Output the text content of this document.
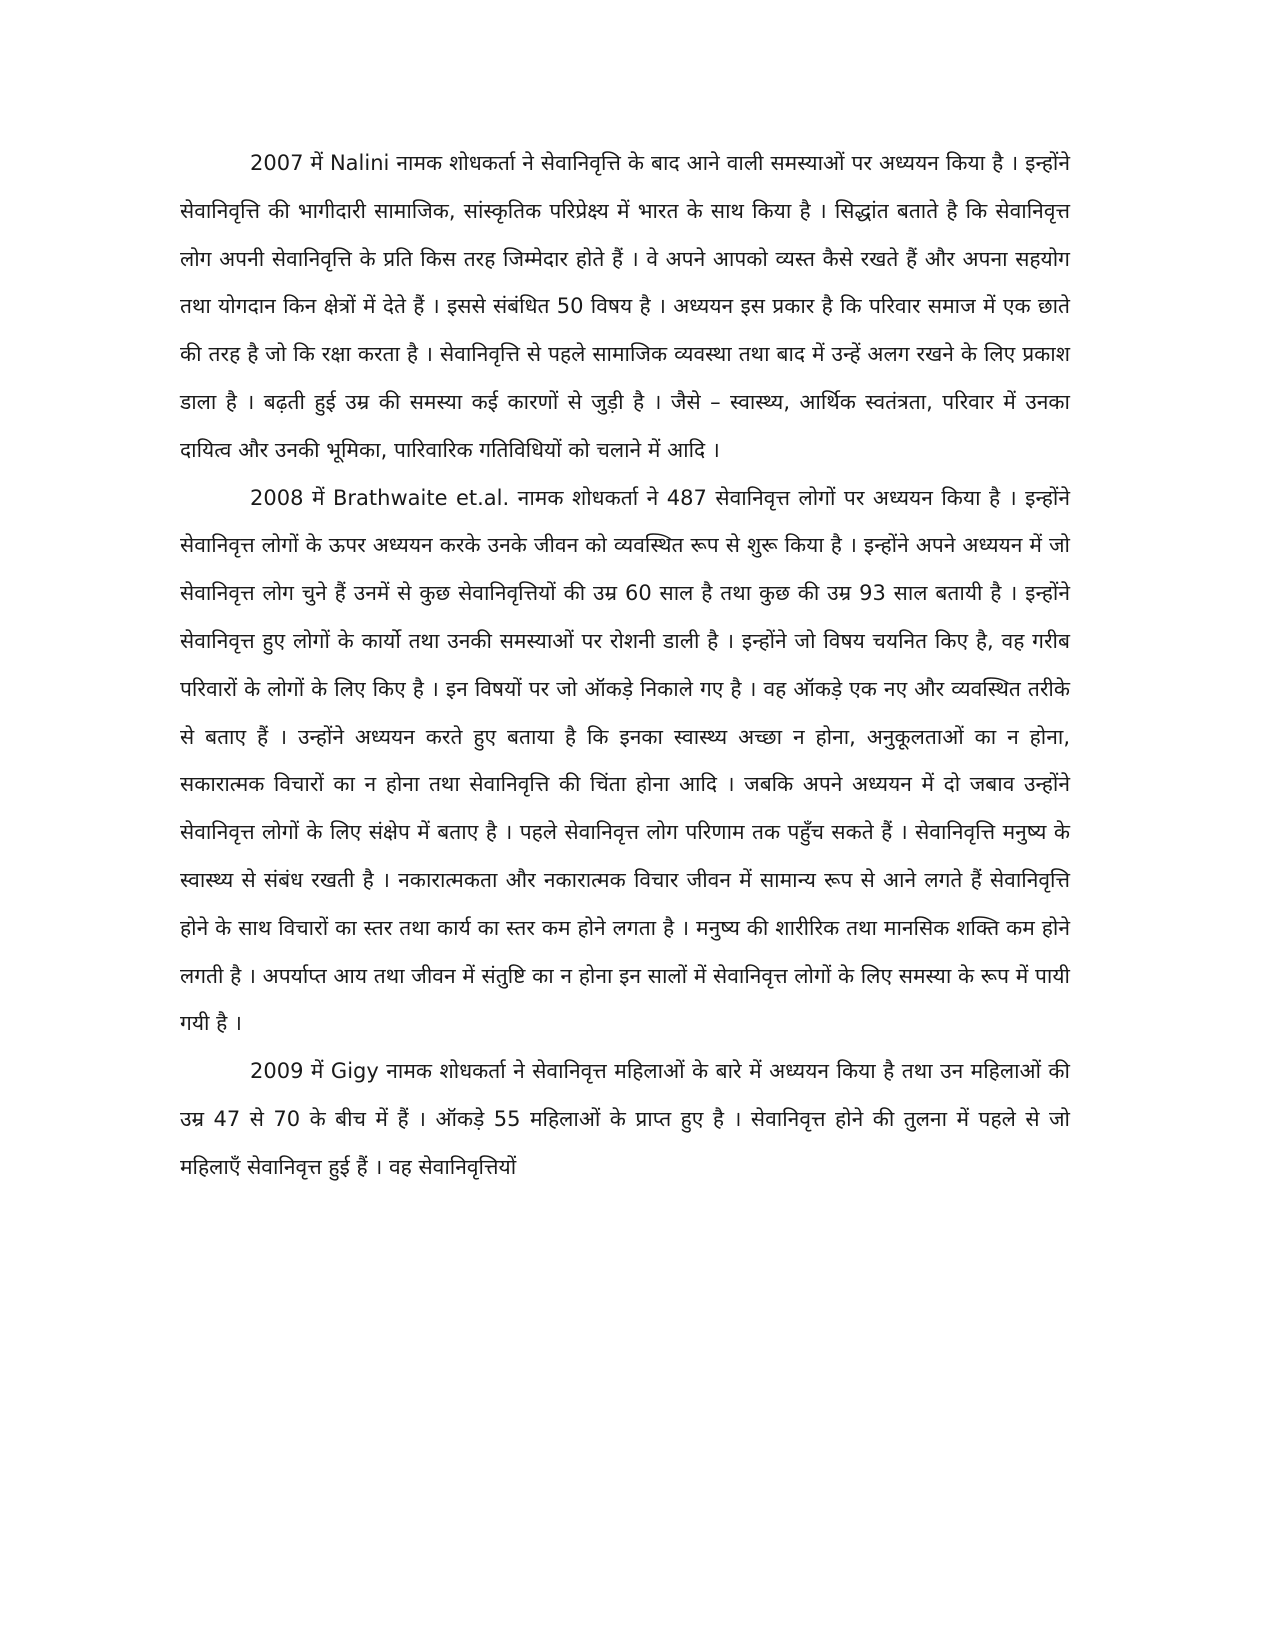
2007 में Nalini नामक शोधकर्ता ने सेवानिवृत्ति के बाद आने वाली समस्याओं पर अध्ययन किया है । इन्होंने सेवानिवृत्ति की भागीदारी सामाजिक, सांस्कृतिक परिप्रेक्ष्य में भारत के साथ किया है । सिद्धांत बताते है कि सेवानिवृत्त लोग अपनी सेवानिवृत्ति के प्रति किस तरह जिम्मेदार होते हैं । वे अपने आपको व्यस्त कैसे रखते हैं और अपना सहयोग तथा योगदान किन क्षेत्रों में देते हैं । इससे संबंधित 50 विषय है । अध्ययन इस प्रकार है कि परिवार समाज में एक छाते की तरह है जो कि रक्षा करता है । सेवानिवृत्ति से पहले सामाजिक व्यवस्था तथा बाद में उन्हें अलग रखने के लिए प्रकाश डाला है । बढ़ती हुई उम्र की समस्या कई कारणों से जुड़ी है । जैसे – स्वास्थ्य, आर्थिक स्वतंत्रता, परिवार में उनका दायित्व और उनकी भूमिका, पारिवारिक गतिविधियों को चलाने में आदि ।

2008 में Brathwaite et.al. नामक शोधकर्ता ने 487 सेवानिवृत्त लोगों पर अध्ययन किया है । इन्होंने सेवानिवृत्त लोगों के ऊपर अध्ययन करके उनके जीवन को व्यवस्थित रूप से शुरू किया है । इन्होंने अपने अध्ययन में जो सेवानिवृत्त लोग चुने हैं उनमें से कुछ सेवानिवृत्तियों की उम्र 60 साल है तथा कुछ की उम्र 93 साल बतायी है । इन्होंने सेवानिवृत्त हुए लोगों के कार्यो तथा उनकी समस्याओं पर रोशनी डाली है । इन्होंने जो विषय चयनित किए है, वह गरीब परिवारों के लोगों के लिए किए है । इन विषयों पर जो ऑकड़े निकाले गए है । वह ऑकड़े एक नए और व्यवस्थित तरीके से बताए हैं । उन्होंने अध्ययन करते हुए बताया है कि इनका स्वास्थ्य अच्छा न होना, अनुकूलताओं का न होना, सकारात्मक विचारों का न होना तथा सेवानिवृत्ति की चिंता होना आदि । जबकि अपने अध्ययन में दो जबाव उन्होंने सेवानिवृत्त लोगों के लिए संक्षेप में बताए है । पहले सेवानिवृत्त लोग परिणाम तक पहुँच सकते हैं । सेवानिवृत्ति मनुष्य के स्वास्थ्य से संबंध रखती है । नकारात्मकता और नकारात्मक विचार जीवन में सामान्य रूप से आने लगते हैं सेवानिवृत्ति होने के साथ विचारों का स्तर तथा कार्य का स्तर कम होने लगता है । मनुष्य की शारीरिक तथा मानसिक शक्ति कम होने लगती है । अपर्याप्त आय तथा जीवन में संतुष्टि का न होना इन सालों में सेवानिवृत्त लोगों के लिए समस्या के रूप में पायी गयी है ।

2009 में Gigy नामक शोधकर्ता ने सेवानिवृत्त महिलाओं के बारे में अध्ययन किया है तथा उन महिलाओं की उम्र 47 से 70 के बीच में हैं । ऑकड़े 55 महिलाओं के प्राप्त हुए है । सेवानिवृत्त होने की तुलना में पहले से जो महिलाएँ सेवानिवृत्त हुई हैं । वह सेवानिवृत्तियों
